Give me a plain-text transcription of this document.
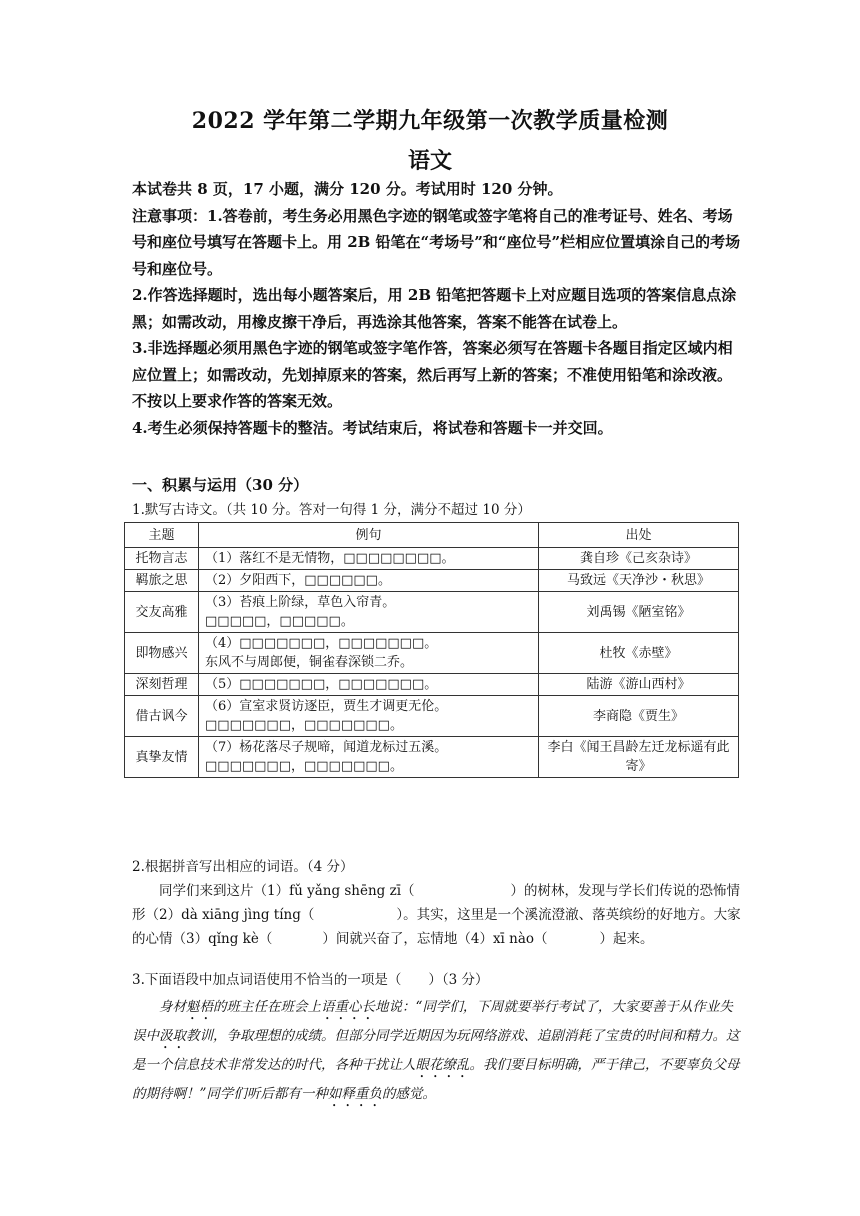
2022 学年第二学期九年级第一次教学质量检测
语文

本试卷共 8 页，17 小题，满分 120 分。考试用时 120 分钟。

注意事项：1.答卷前，考生务必用黑色字迹的钢笔或签字笔将自己的准考证号、姓名、考场号和座位号填写在答题卡上。用 2B 铅笔在“考场号”和“座位号”栏相应位置填涂自己的考场号和座位号。

2.作答选择题时，选出每小题答案后，用 2B 铅笔把答题卡上对应题目选项的答案信息点涂黑；如需改动，用橡皮擦干净后，再选涂其他答案，答案不能答在试卷上。

3.非选择题必须用黑色字迹的钢笔或签字笔作答，答案必须写在答题卡各题目指定区域内相应位置上；如需改动，先划掉原来的答案，然后再写上新的答案；不准使用铅笔和涂改液。不按以上要求作答的答案无效。

4.考生必须保持答题卡的整洁。考试结束后，将试卷和答题卡一并交回。

一、积累与运用（30 分）
1.默写古诗文。（共 10 分。答对一句得 1 分，满分不超过 10 分）
主题	例句	出处
托物言志	（1）落红不是无情物，□□□□□□□□。	龚自珍《己亥杂诗》
羁旅之思	（2）夕阳西下，□□□□□□。	马致远《天净沙・秋思》
交友高雅	（3）苔痕上阶绿，草色入帘青。
□□□□□，□□□□□。	刘禹锡《陋室铭》
即物感兴	（4）□□□□□□□，□□□□□□□。
东风不与周郎便，铜雀春深锁二乔。	杜牧《赤壁》
深刻哲理	（5）□□□□□□□，□□□□□□□。	陆游《游山西村》
借古讽今	（6）宣室求贤访逐臣，贾生才调更无伦。
□□□□□□□，□□□□□□□。	李商隐《贾生》
真挚友情	（7）杨花落尽子规啼，闻道龙标过五溪。
□□□□□□□，□□□□□□□。	李白《闻王昌龄左迁龙标遥有此寄》

2.根据拼音写出相应的词语。（4 分）

同学们来到这片（1）fǔ yǎng shēng zī（	）的树林，发现与学长们传说的恐怖情形（2）dà xiāng jìng tíng（	）。其实，这里是一个溪流澄澈、落英缤纷的好地方。大家的心情（3）qǐng kè（	）间就兴奋了，忘情地（4）xī nào（	）起来。

3.下面语段中加点词语使用不恰当的一项是（　　）（3 分）

身材魁梧的班主任在班会上语重心长地说：“同学们，下周就要举行考试了，大家要善于从作业失误中汲取教训，争取理想的成绩。但部分同学近期因为玩网络游戏、追剧消耗了宝贵的时间和精力。这是一个信息技术非常发达的时代，各种干扰让人眼花缭乱。我们要目标明确，严于律己，不要辜负父母的期待啊！”同学们听后都有一种如释重负的感觉。
